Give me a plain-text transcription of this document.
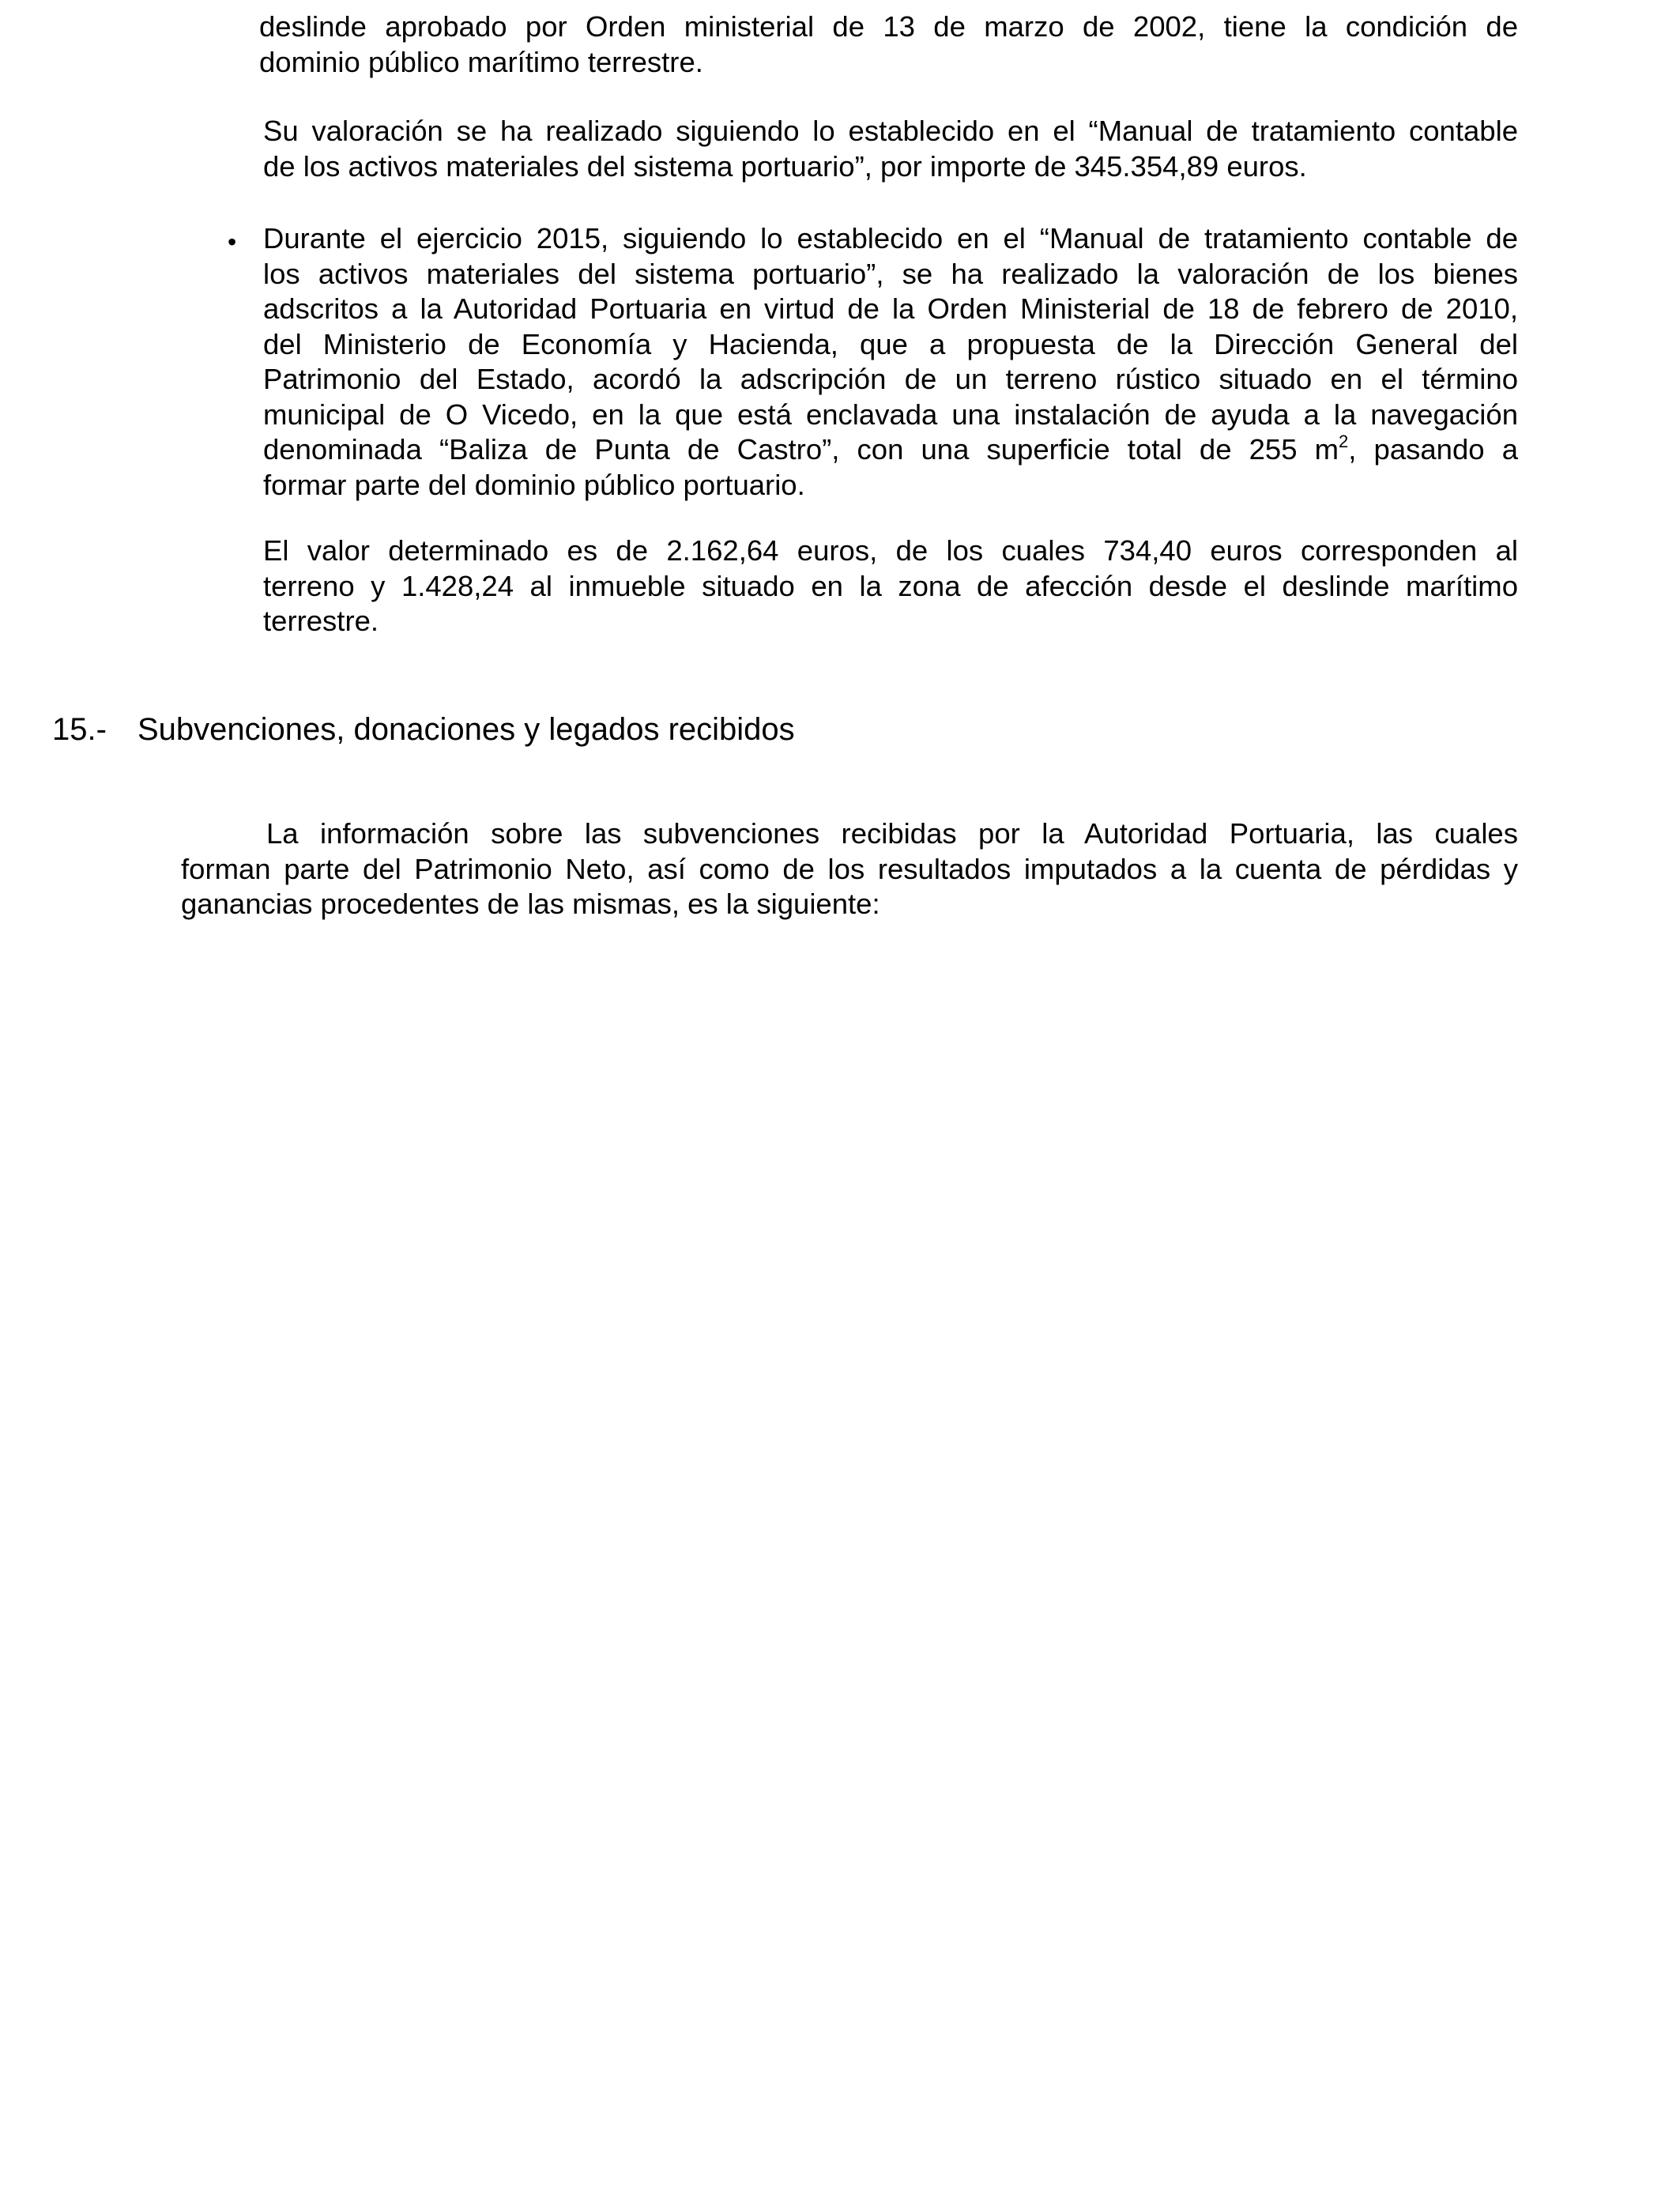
deslinde aprobado por Orden ministerial de 13 de marzo de 2002, tiene la condición de
dominio público marítimo terrestre.

Su valoración se ha realizado siguiendo lo establecido en el “Manual de tratamiento contable
de los activos materiales del sistema portuario”, por importe de 345.354,89 euros.

• Durante el ejercicio 2015, siguiendo lo establecido en el “Manual de tratamiento contable de
los activos materiales del sistema portuario”, se ha realizado la valoración de los bienes
adscritos a la Autoridad Portuaria en virtud de la Orden Ministerial de 18 de febrero de 2010,
del Ministerio de Economía y Hacienda, que a propuesta de la Dirección General del
Patrimonio del Estado, acordó la adscripción de un terreno rústico situado en el término
municipal de O Vicedo, en la que está enclavada una instalación de ayuda a la navegación
denominada “Baliza de Punta de Castro”, con una superficie total de 255 $m^2$, pasando a
formar parte del dominio público portuario.

El valor determinado es de 2.162,64 euros, de los cuales 734,40 euros corresponden al
terreno y 1.428,24 al inmueble situado en la zona de afección desde el deslinde marítimo
terrestre.

15.- Subvenciones, donaciones y legados recibidos

La información sobre las subvenciones recibidas por la Autoridad Portuaria, las cuales
forman parte del Patrimonio Neto, así como de los resultados imputados a la cuenta de pérdidas y
ganancias procedentes de las mismas, es la siguiente:
